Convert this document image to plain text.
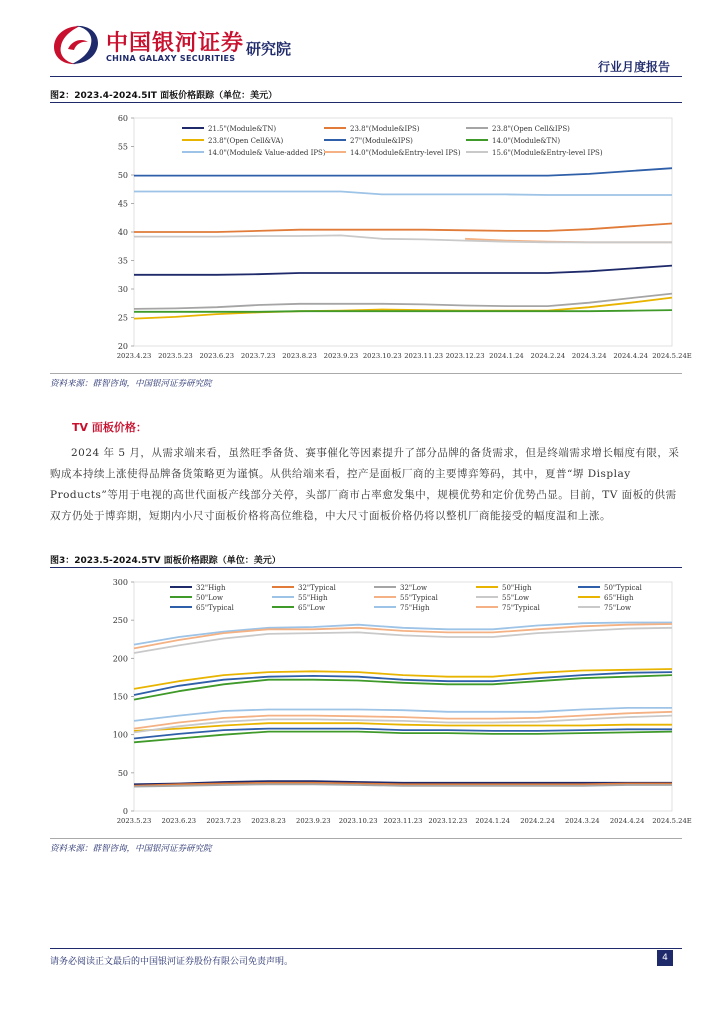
中国银河证券
CHINA GALAXY SECURITIES
研究院
行业月度报告
图2：2023.4-2024.5IT 面板价格跟踪（单位：美元）
20
25
30
35
40
45
50
55
60
2023.4.23 2023.5.23 2023.6.23 2023.7.23 2023.8.23 2023.9.23 2023.10.23 2023.11.23 2023.12.23 2024.1.24 2024.2.24 2024.3.24 2024.4.24 2024.5.24E
21.5"(Module&TN)	23.8"(Module&IPS)	23.8"(Open Cell&IPS)
23.8"(Open Cell&VA)	27"(Module&IPS)	14.0"(Module&TN)
14.0"(Module& Value-added IPS)	14.0"(Module&Entry-level IPS)	15.6"(Module&Entry-level IPS)
资料来源：群智咨询，中国银河证券研究院
TV 面板价格：

2024 年 5 月，从需求端来看，虽然旺季备货、赛事催化等因素提升了部分品牌的备货需求，但是终端需求增长幅度有限，采购成本持续上涨使得品牌备货策略更为谨慎。从供给端来看，控产是面板厂商的主要博弈筹码，其中，夏普“堺 Display Products”等用于电视的高世代面板产线部分关停，头部厂商市占率愈发集中，规模优势和定价优势凸显。目前，TV 面板的供需双方仍处于博弈期，短期内小尺寸面板价格将高位维稳，中大尺寸面板价格仍将以整机厂商能接受的幅度温和上涨。

图3：2023.5-2024.5TV 面板价格跟踪（单位：美元）
0
50
100
150
200
250
300
2023.5.23 2023.6.23 2023.7.23 2023.8.23 2023.9.23 2023.10.23 2023.11.23 2023.12.23 2024.1.24 2024.2.24 2024.3.24 2024.4.24 2024.5.24E
32"High	32"Typical	32"Low	50"High	50"Typical
50"Low	55"High	55"Typical	55"Low	65"High
65"Typical	65"Low	75"High	75"Typical	75"Low
资料来源：群智咨询，中国银河证券研究院
请务必阅读正文最后的中国银河证券股份有限公司免责声明。	4
